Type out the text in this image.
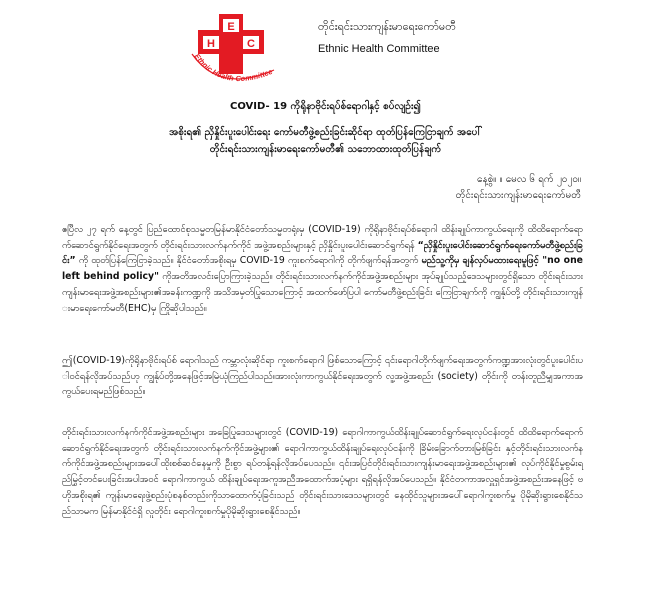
E
H	C
Ethnic Health Committee
တိုင်းရင်းသားကျန်းမာရေးကော်မတီ
Ethnic Health Committee
COVID- 19 ကိုရိုနာဗိုင်းရပ်စ်ရောဂါနှင့် စပ်လျဉ်း၍
အစိုးရ၏ ညှိနှိုင်းပူးပေါင်းရေး ကော်မတီဖွဲ့စည်းခြင်းဆိုင်ရာ ထုတ်ပြန်ကြေငြာချက် အပေါ်
တိုင်းရင်းသားကျန်းမာရေးကော်မတီ၏ သဘောထားထုတ်ပြန်ချက်
နေ့စွဲ။ ။ မေလ ၆ ရက် ၂၀၂၀။
တိုင်းရင်းသားကျန်းမာရေးကော်မတီ
ဧပြီလ ၂၇ ရက် နေ့တွင် ပြည်ထောင်စုသမ္မတမြန်မာနိုင်ငံတော်သမ္မတရုံးမှ (COVID-19) ကိုရိုနာဗိုင်းရပ်စ်ရောဂါ ထိန်းချုပ်ကာကွယ်ရေးကို ထိထိရောက်ရောက်ဆောင်ရွက်နိုင်ရေးအတွက် တိုင်းရင်းသားလက်နက်ကိုင် အဖွဲ့အစည်းများနှင့် ညှိနှိုင်းပူးပေါင်းဆောင်ရွက်ရန် “ညှိနှိုင်းပူးပေါင်းဆောင်ရွက်ရေးကော်မတီဖွဲ့စည်းခြင်း” ကို ထုတ်ပြန်ကြေငြာခဲ့သည်။ နိုင်ငံတော်အစိုးရမှ COVID-19 ကူးစက်ရောဂါကို တိုက်ဖျက်ရန်အတွက် မည်သူ့ကိုမှ ချန်လှပ်မထားရေးမူဖြင့် "no one left behind policy" ကိုအတိအလင်းပြောကြားခဲ့သည်။ တိုင်းရင်းသားလက်နက်ကိုင်အဖွဲ့အစည်းများ အုပ်ချုပ်သည့်ဒေသများတွင်ရှိသော တိုင်းရင်းသားကျန်းမာရေးအဖွဲ့အစည်းများ၏အခန်းကဏ္ဍကို အသိအမှတ်ပြုသောကြောင့် အထက်ဖော်ပြပါ ကော်မတီဖွဲ့စည်းခြင်း ကြေငြာချက်ကို ကျွန်ုပ်တို့ တိုင်းရင်းသားကျန်းမာရေးကော်မတီ(EHC)မှ ကြိုဆိုပါသည်။
ဤ(COVID-19)ကိုရိုနာဗိုင်းရပ်စ် ရောဂါသည် ကမ္ဘာလုံးဆိုင်ရာ ကူးစက်ရောဂါ ဖြစ်သောကြောင့် ၎င်းရောဂါတိုက်ဖျက်ရေးအတွက်ကဏ္ဍအားလုံးတွင်ပူးပေါင်းပါဝင်ရန်လိုအပ်သည်ဟု ကျွန်ုပ်တို့အနေဖြင့်အမြဲယုံကြည်ပါသည်။အားလုံးကာကွယ်နိုင်ရေးအတွက် လူ့အဖွဲ့အစည်း (society) တိုင်းကို တန်းတူညီမျှအကာအကွယ်ပေးရမည်ဖြစ်သည်။
တိုင်းရင်းသားလက်နက်ကိုင်အဖွဲ့အစည်းများ အခြေပြုဒေသများတွင် (COVID-19) ရောဂါကာကွယ်ထိန်းချုပ်ဆောင်ရွက်ရေးလုပ်ငန်းတွင် ထိထိရောက်ရောက် ဆောင်ရွက်နိုင်ရေးအတွက် တိုင်းရင်းသားလက်နက်ကိုင်အဖွဲ့များ၏ ရောဂါကာကွယ်ထိန်းချုပ်ရေးလုပ်ငန်းကို ခြိမ်းခြောက်တားမြစ်ခြင်း နှင့်တိုင်းရင်းသားလက်နက်ကိုင်အဖွဲ့အစည်းများအပေါ်ထိုးစစ်ဆင်နေမှုကို ဦးစွာ ရပ်တန့်ရန်လိုအပ်ပေသည်။ ၎င်းအပြင်တိုင်းရင်းသားကျန်းမာရေးအဖွဲ့အစည်းများ၏ လုပ်ကိုင်နိုင်မှုစွမ်းရည်မြှင့်တင်ပေးခြင်းအပါအဝင် ရောဂါကာကွယ် ထိန်းချုပ်ရေးအကူအညီအထောက်အပံ့များ ရရှိရန်လိုအပ်ပေသည်။ နိုင်ငံတကာအလှူရှင်အဖွဲ့အစည်းအနေဖြင့် ဗဟိုအစိုးရ၏ ကျန်းမာရေးဖွဲ့စည်းပုံစနစ်တည်းကိုသာထောက်ပံ့ခြင်းသည် တိုင်းရင်းသားဒေသများတွင် နေထိုင်သူများအပေါ်ရောဂါကူးစက်မှု ပိုမိုဆိုးရွားစေနိုင်သည်သာမက မြန်မာနိုင်ငံရှိ လူတိုင်း ရောဂါကူးစက်မှုပိုမိုဆိုးရွားစေနိုင်သည်။
